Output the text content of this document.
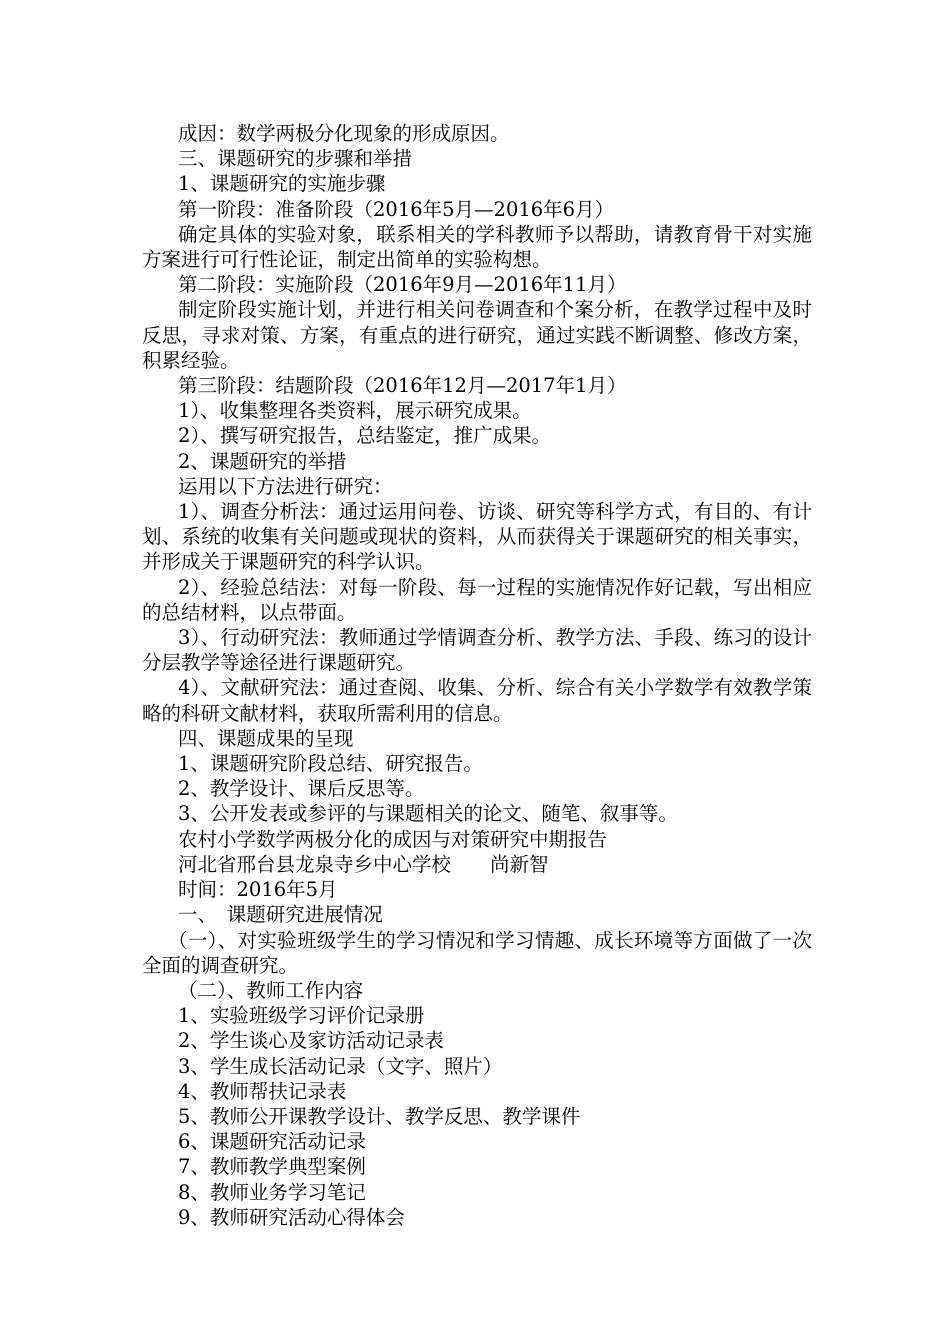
成因：数学两极分化现象的形成原因。

三、课题研究的步骤和举措

1、课题研究的实施步骤

第一阶段：准备阶段（2016年5月—2016年6月）

确定具体的实验对象，联系相关的学科教师予以帮助，请教育骨干对实施方案进行可行性论证，制定出简单的实验构想。

第二阶段：实施阶段（2016年9月—2016年11月）

制定阶段实施计划，并进行相关问卷调查和个案分析，在教学过程中及时反思，寻求对策、方案，有重点的进行研究，通过实践不断调整、修改方案，积累经验。

第三阶段：结题阶段（2016年12月—2017年1月）

1）、收集整理各类资料，展示研究成果。

2）、撰写研究报告，总结鉴定，推广成果。

2、课题研究的举措

运用以下方法进行研究：

1）、调查分析法：通过运用问卷、访谈、研究等科学方式，有目的、有计划、系统的收集有关问题或现状的资料，从而获得关于课题研究的相关事实，并形成关于课题研究的科学认识。

2）、经验总结法：对每一阶段、每一过程的实施情况作好记载，写出相应的总结材料，以点带面。

3）、行动研究法：教师通过学情调查分析、教学方法、手段、练习的设计分层教学等途径进行课题研究。

4）、文献研究法：通过查阅、收集、分析、综合有关小学数学有效教学策略的科研文献材料，获取所需利用的信息。

四、课题成果的呈现

1、课题研究阶段总结、研究报告。

2、教学设计、课后反思等。

3、公开发表或参评的与课题相关的论文、随笔、叙事等。

农村小学数学两极分化的成因与对策研究中期报告

河北省邢台县龙泉寺乡中心学校　　尚新智

时间：2016年5月

一、　课题研究进展情况

（一）、对实验班级学生的学习情况和学习情趣、成长环境等方面做了一次全面的调查研究。

（二）、教师工作内容

1、实验班级学习评价记录册

2、学生谈心及家访活动记录表

3、学生成长活动记录（文字、照片）

4、教师帮扶记录表

5、教师公开课教学设计、教学反思、教学课件

6、课题研究活动记录

7、教师教学典型案例

8、教师业务学习笔记

9、教师研究活动心得体会
